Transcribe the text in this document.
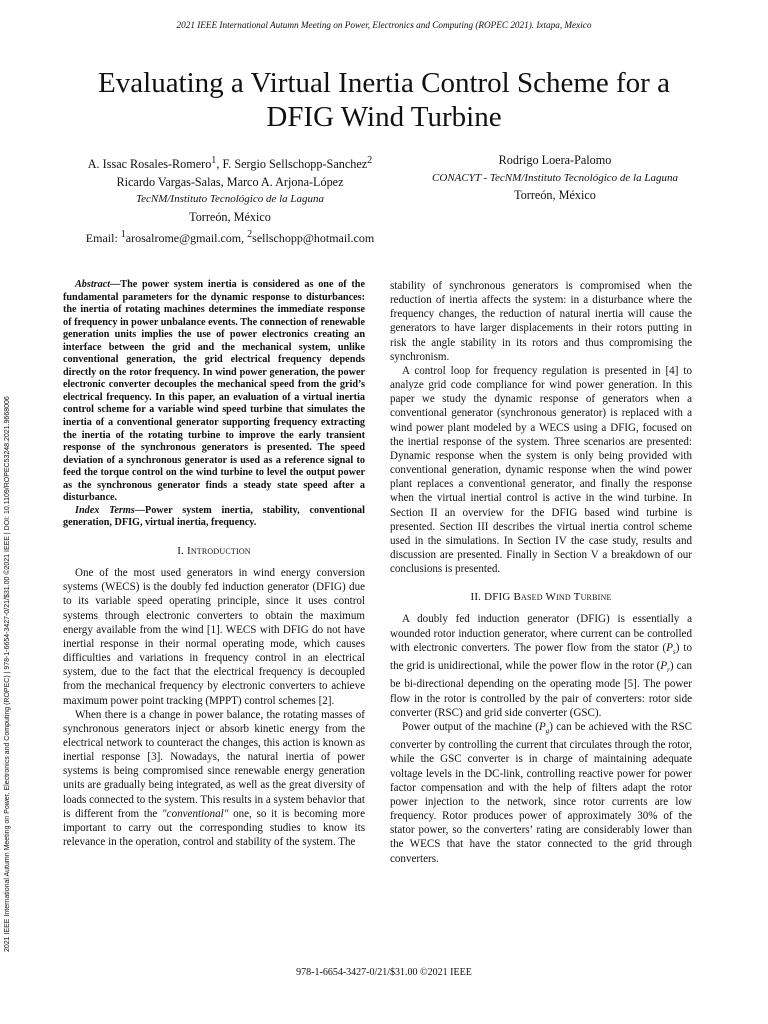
2021 IEEE International Autumn Meeting on Power, Electronics and Computing (ROPEC 2021). Ixtapa, Mexico
2021 IEEE International Autumn Meeting on Power, Electronics and Computing (ROPEC) | 978-1-6654-3427-0/21/$31.00 ©2021 IEEE | DOI: 10.1109/ROPEC53248.2021.9668006
Evaluating a Virtual Inertia Control Scheme for a
DFIG Wind Turbine
A. Issac Rosales-Romero$^1$, F. Sergio Sellschopp-Sanchez$^2$
Ricardo Vargas-Salas, Marco A. Arjona-López
TecNM/Instituto Tecnológico de la Laguna
Torreón, México
Email: $^1$arosalrome@gmail.com, $^2$sellschopp@hotmail.com
Rodrigo Loera-Palomo
CONACYT - TecNM/Instituto Tecnológico de la Laguna
Torreón, México

Abstract—The power system inertia is considered as one of the fundamental parameters for the dynamic response to disturbances: the inertia of rotating machines determines the immediate response of frequency in power unbalance events. The connection of renewable generation units implies the use of power electronics creating an interface between the grid and the mechanical system, unlike conventional generation, the grid electrical frequency depends directly on the rotor frequency. In wind power generation, the power electronic converter decouples the mechanical speed from the grid’s electrical frequency. In this paper, an evaluation of a virtual inertia control scheme for a variable wind speed turbine that simulates the inertia of a conventional generator supporting frequency extracting the inertia of the rotating turbine to improve the early transient response of the synchronous generators is presented. The speed deviation of a synchronous generator is used as a reference signal to feed the torque control on the wind turbine to level the output power as the synchronous generator finds a steady state speed after a disturbance.

Index Terms—Power system inertia, stability, conventional generation, DFIG, virtual inertia, frequency.

I. Introduction

One of the most used generators in wind energy conversion systems (WECS) is the doubly fed induction generator (DFIG) due to its variable speed operating principle, since it uses control systems through electronic converters to obtain the maximum energy available from the wind [1]. WECS with DFIG do not have inertial response in their normal operating mode, which causes difficulties and variations in frequency control in an electrical system, due to the fact that the electrical frequency is decoupled from the mechanical frequency by electronic converters to achieve maximum power point tracking (MPPT) control schemes [2].

When there is a change in power balance, the rotating masses of synchronous generators inject or absorb kinetic energy from the electrical network to counteract the changes, this action is known as inertial response [3]. Nowadays, the natural inertia of power systems is being compromised since renewable energy generation units are gradually being integrated, as well as the great diversity of loads connected to the system. This results in a system behavior that is different from the "conventional" one, so it is becoming more important to carry out the corresponding studies to know its relevance in the operation, control and stability of the system. The

stability of synchronous generators is compromised when the reduction of inertia affects the system: in a disturbance where the frequency changes, the reduction of natural inertia will cause the generators to have larger displacements in their rotors putting in risk the angle stability in its rotors and thus compromising the synchronism.

A control loop for frequency regulation is presented in [4] to analyze grid code compliance for wind power generation. In this paper we study the dynamic response of generators when a conventional generator (synchronous generator) is replaced with a wind power plant modeled by a WECS using a DFIG, focused on the inertial response of the system. Three scenarios are presented: Dynamic response when the system is only being provided with conventional generation, dynamic response when the wind power plant replaces a conventional generator, and finally the response when the virtual inertial control is active in the wind turbine. In Section II an overview for the DFIG based wind turbine is presented. Section III describes the virtual inertia control scheme used in the simulations. In Section IV the case study, results and discussion are presented. Finally in Section V a breakdown of our conclusions is presented.

II. DFIG Based Wind Turbine

A doubly fed induction generator (DFIG) is essentially a wounded rotor induction generator, where current can be controlled with electronic converters. The power flow from the stator $(P_s)$ to the grid is unidirectional, while the power flow in the rotor $(P_r)$ can be bi-directional depending on the operating mode [5]. The power flow in the rotor is controlled by the pair of converters: rotor side converter (RSC) and grid side converter (GSC).

Power output of the machine $(P_g)$ can be achieved with the RSC converter by controlling the current that circulates through the rotor, while the GSC converter is in charge of maintaining adequate voltage levels in the DC-link, controlling reactive power for power factor compensation and with the help of filters adapt the rotor power injection to the network, since rotor currents are low frequency. Rotor produces power of approximately 30% of the stator power, so the converters’ rating are considerably lower than the WECS that have the stator connected to the grid through converters.

978-1-6654-3427-0/21/$31.00 ©2021 IEEE
